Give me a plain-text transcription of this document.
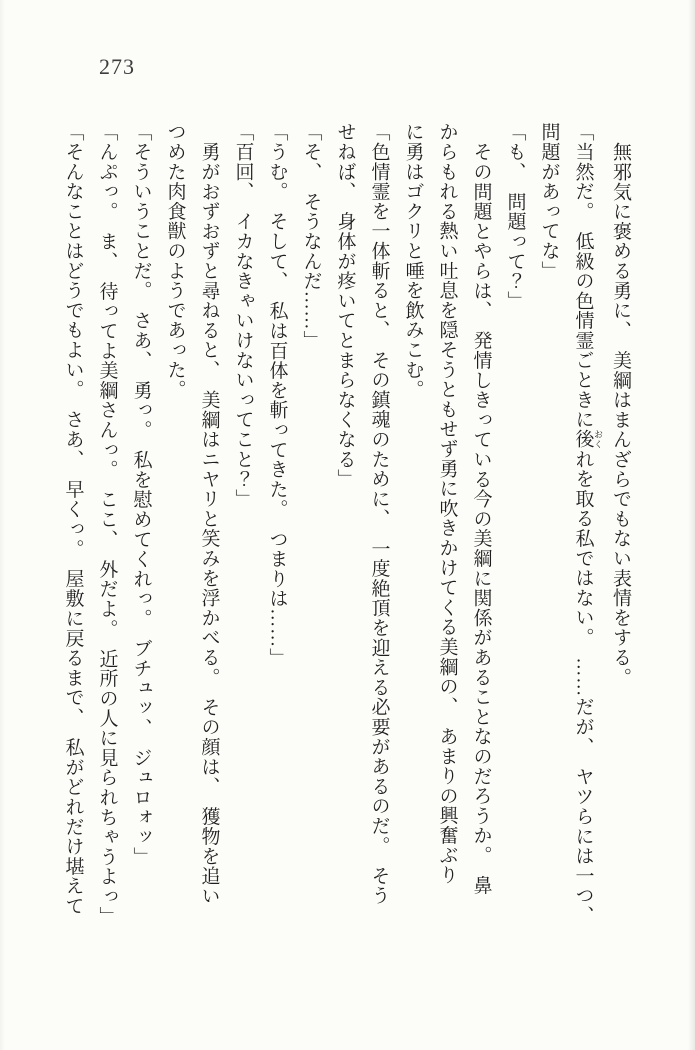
273

無邪気に褒める勇に、　美綱はまんざらでもない表情をする。

「当然だ。　低級の色情霊ごときに後 おくれを取る私ではない。　……だが、　ヤツらには一つ、

問題があってな」

「も、　問題って？」

その問題とやらは、　発情しきっている今の美綱に関係があることなのだろうか。　鼻

からもれる熱い吐息を隠そうともせず勇に吹きかけてくる美綱の、　あまりの興奮ぶり

に勇はゴクリと唾を飲みこむ。

「色情霊を一体斬ると、　その鎮魂のために、　一度絶頂を迎える必要があるのだ。　そう

せねば、　身体が疼いてとまらなくなる」

「そ、　そうなんだ……」

「うむ。　そして、　私は百体を斬ってきた。　つまりは……」

「百回、　イカなきゃいけないってこと？」

勇がおずおずと尋ねると、　美綱はニヤリと笑みを浮かべる。　その顔は、　獲物を追い

つめた肉食獣のようであった。

「そういうことだ。　さあ、　勇っ。　私を慰めてくれっ。　ブチュッ、　ジュロォッ」

「んぷっ。　ま、　待ってよ美綱さんっ。　ここ、　外だよ。　近所の人に見られちゃうよっ」

「そんなことはどうでもよい。　さあ、　早くっ。　屋敷に戻るまで、　私がどれだけ堪えて
